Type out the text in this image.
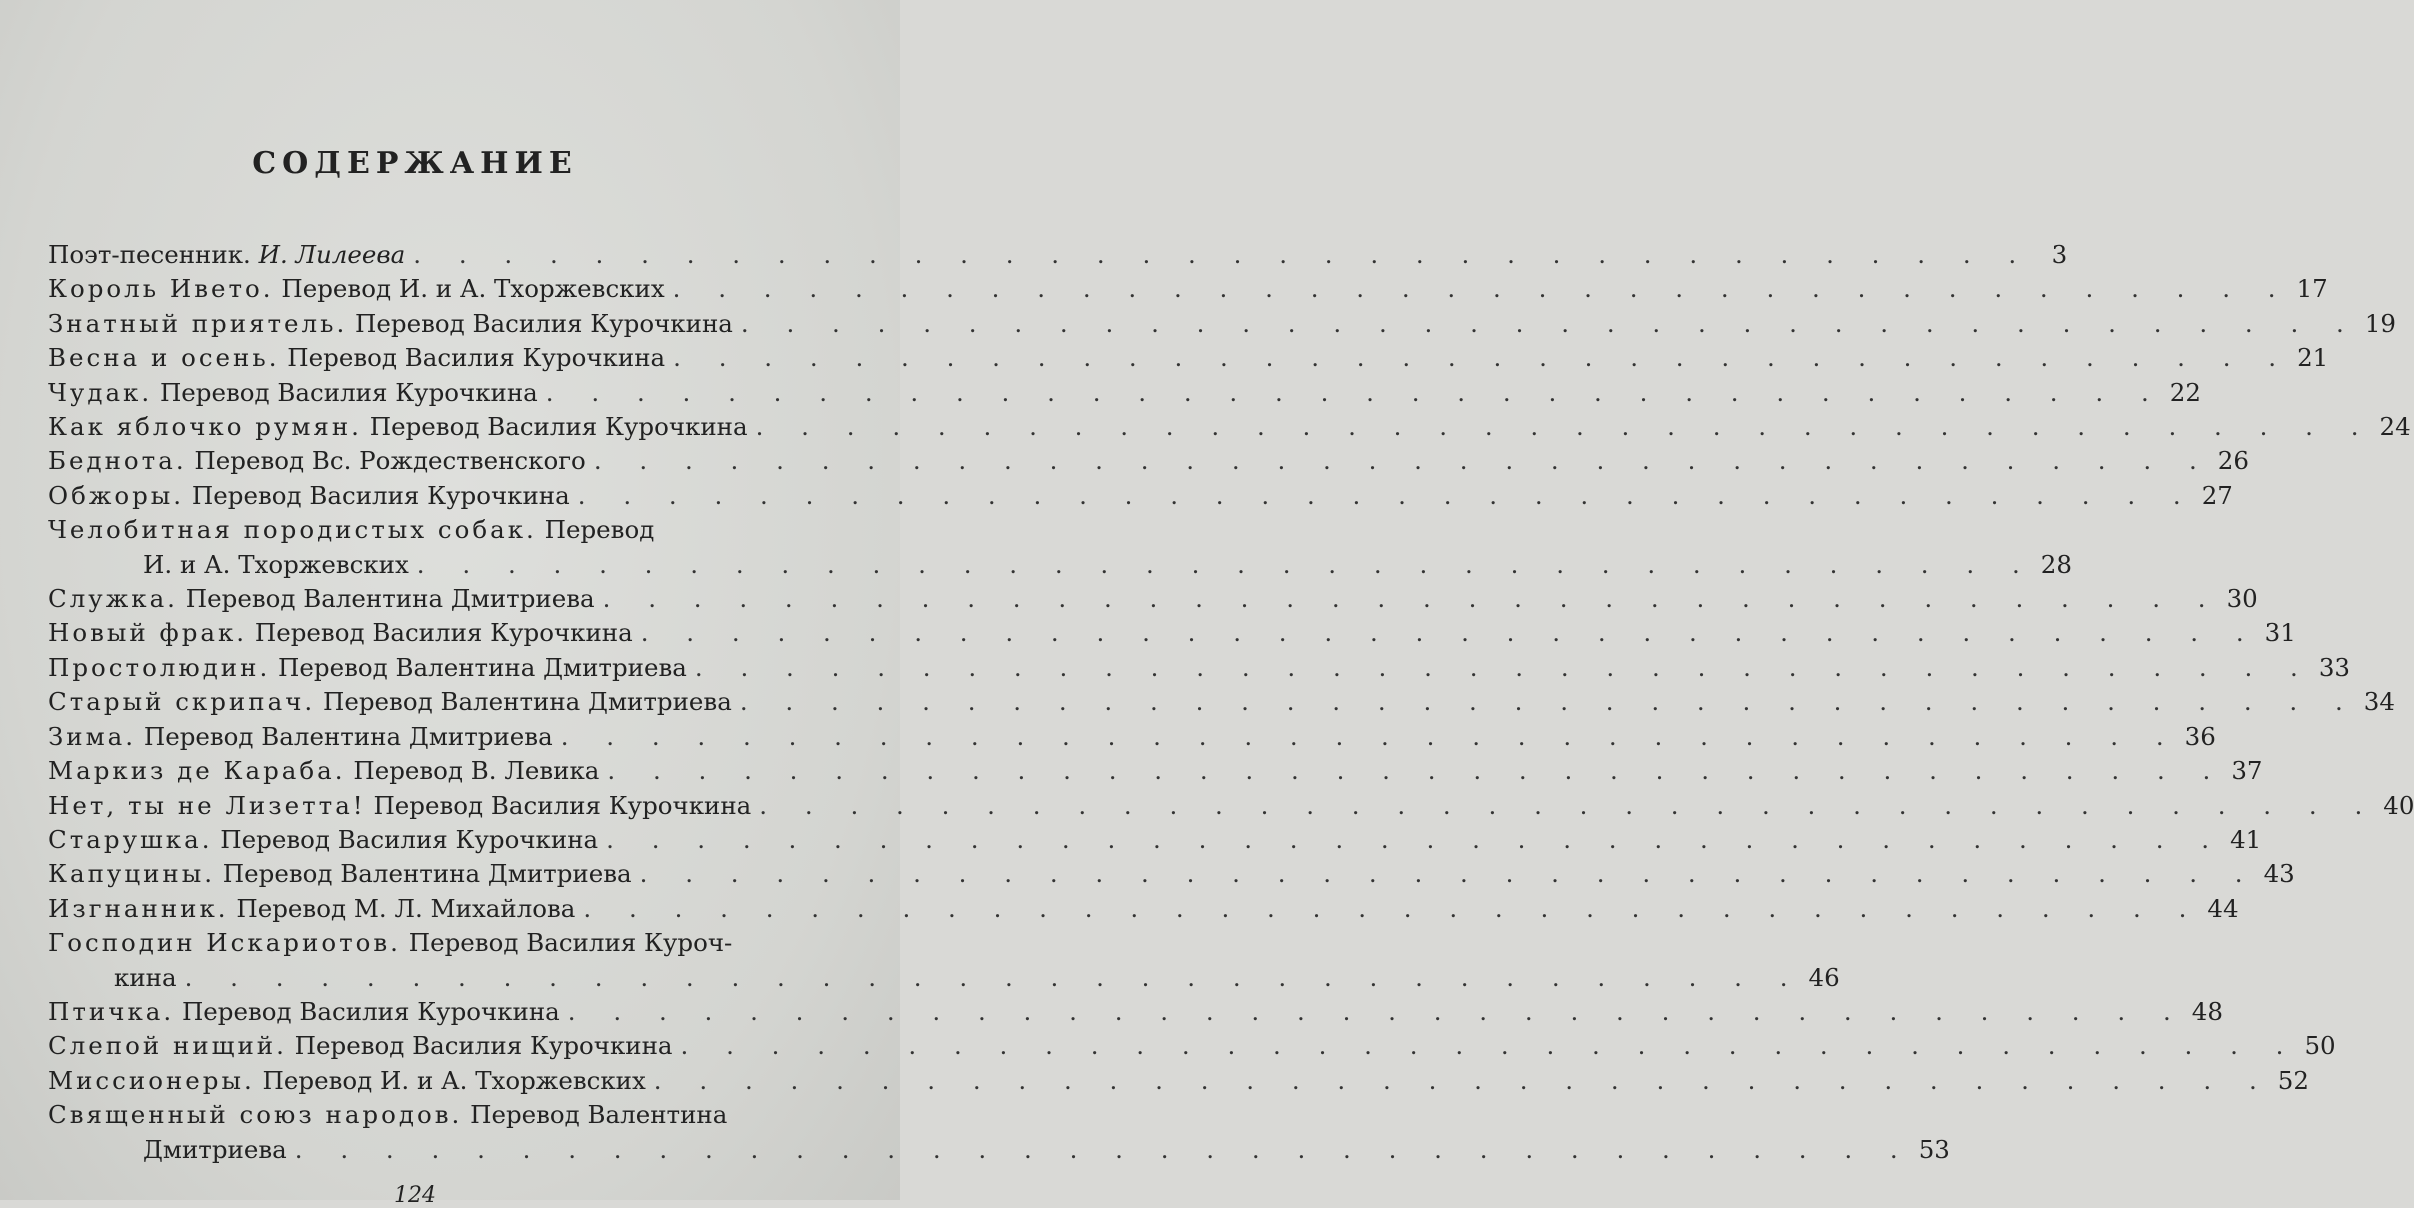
СОДЕРЖАНИЕ
Поэт-песенник. И. Лилеева . . . . . . . . . . . . . . . . . . . . . . . . . . . . . . . . . . . . 3
Король Ивето. Перевод И. и А. Тхоржевских . . . . . . . . . . . . . . . . . . . . . . . . . . . . . . . . . . . . 17
Знатный приятель. Перевод Василия Курочкина . . . . . . . . . . . . . . . . . . . . . . . . . . . . . . . . . . . . 19
Весна и осень. Перевод Василия Курочкина . . . . . . . . . . . . . . . . . . . . . . . . . . . . . . . . . . . . 21
Чудак. Перевод Василия Курочкина . . . . . . . . . . . . . . . . . . . . . . . . . . . . . . . . . . . . 22
Как яблочко румян. Перевод Василия Курочкина . . . . . . . . . . . . . . . . . . . . . . . . . . . . . . . . . . . . 24
Беднота. Перевод Вс. Рождественского . . . . . . . . . . . . . . . . . . . . . . . . . . . . . . . . . . . . 26
Обжоры. Перевод Василия Курочкина . . . . . . . . . . . . . . . . . . . . . . . . . . . . . . . . . . . . 27
Челобитная породистых собак. Перевод
И. и А. Тхоржевских . . . . . . . . . . . . . . . . . . . . . . . . . . . . . . . . . . . . 28
Служка. Перевод Валентина Дмитриева . . . . . . . . . . . . . . . . . . . . . . . . . . . . . . . . . . . . 30
Новый фрак. Перевод Василия Курочкина . . . . . . . . . . . . . . . . . . . . . . . . . . . . . . . . . . . . 31
Простолюдин. Перевод Валентина Дмитриева . . . . . . . . . . . . . . . . . . . . . . . . . . . . . . . . . . . . 33
Старый скрипач. Перевод Валентина Дмитриева . . . . . . . . . . . . . . . . . . . . . . . . . . . . . . . . . . . . 34
Зима. Перевод Валентина Дмитриева . . . . . . . . . . . . . . . . . . . . . . . . . . . . . . . . . . . . 36
Маркиз де Караба. Перевод В. Левика . . . . . . . . . . . . . . . . . . . . . . . . . . . . . . . . . . . . 37
Нет, ты не Лизетта! Перевод Василия Курочкина . . . . . . . . . . . . . . . . . . . . . . . . . . . . . . . . . . . . 40
Старушка. Перевод Василия Курочкина . . . . . . . . . . . . . . . . . . . . . . . . . . . . . . . . . . . . 41
Капуцины. Перевод Валентина Дмитриева . . . . . . . . . . . . . . . . . . . . . . . . . . . . . . . . . . . . 43
Изгнанник. Перевод М. Л. Михайлова . . . . . . . . . . . . . . . . . . . . . . . . . . . . . . . . . . . . 44
Господин Искариотов. Перевод Василия Куроч-
кина . . . . . . . . . . . . . . . . . . . . . . . . . . . . . . . . . . . . 46
Птичка. Перевод Василия Курочкина . . . . . . . . . . . . . . . . . . . . . . . . . . . . . . . . . . . . 48
Слепой нищий. Перевод Василия Курочкина . . . . . . . . . . . . . . . . . . . . . . . . . . . . . . . . . . . . 50
Миссионеры. Перевод И. и А. Тхоржевских . . . . . . . . . . . . . . . . . . . . . . . . . . . . . . . . . . . . 52
Священный союз народов. Перевод Валентина
Дмитриева . . . . . . . . . . . . . . . . . . . . . . . . . . . . . . . . . . . . 53
124
